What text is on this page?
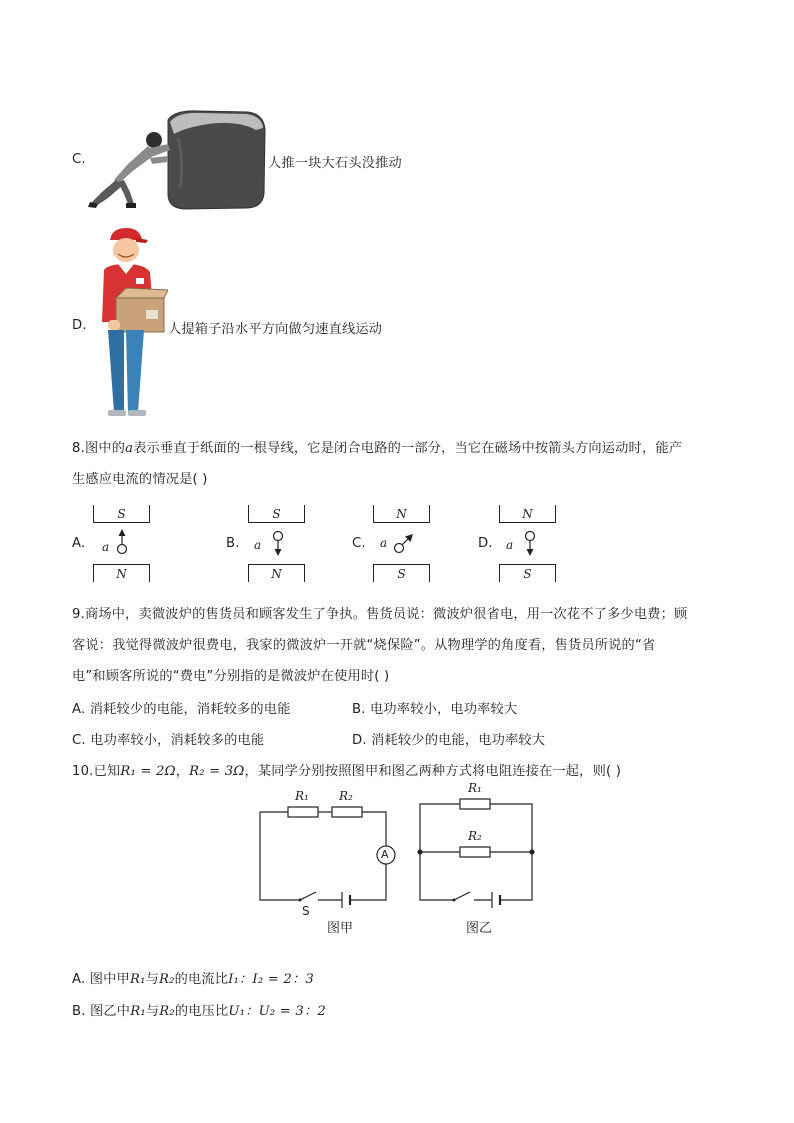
C.	人推一块大石头没推动
D.	人提箱子沿水平方向做匀速直线运动
8.图中的a表示垂直于纸面的一根导线，它是闭合电路的一部分，当它在磁场中按箭头方向运动时，能产
生感应电流的情况是( )
A.
S
a
N
B.
S
a
N
C.
N
a
S
D.
N
a
S
9.商场中，卖微波炉的售货员和顾客发生了争执。售货员说：微波炉很省电，用一次花不了多少电费；顾
客说：我觉得微波炉很费电，我家的微波炉一开就“烧保险”。从物理学的角度看，售货员所说的“省
电”和顾客所说的“费电”分别指的是微波炉在使用时( )
A. 消耗较少的电能，消耗较多的电能	B. 电功率较小，电功率较大
C. 电功率较小，消耗较多的电能	D. 消耗较少的电能，电功率较大
10.已知R₁ = 2Ω，R₂ = 3Ω，某同学分别按照图甲和图乙两种方式将电阻连接在一起，则( )
R₁	R₂
A
S
图甲
R₁
R₂
图乙
A. 图中甲R₁与R₂的电流比I₁：I₂ = 2：3
B. 图乙中R₁与R₂的电压比U₁：U₂ = 3：2
